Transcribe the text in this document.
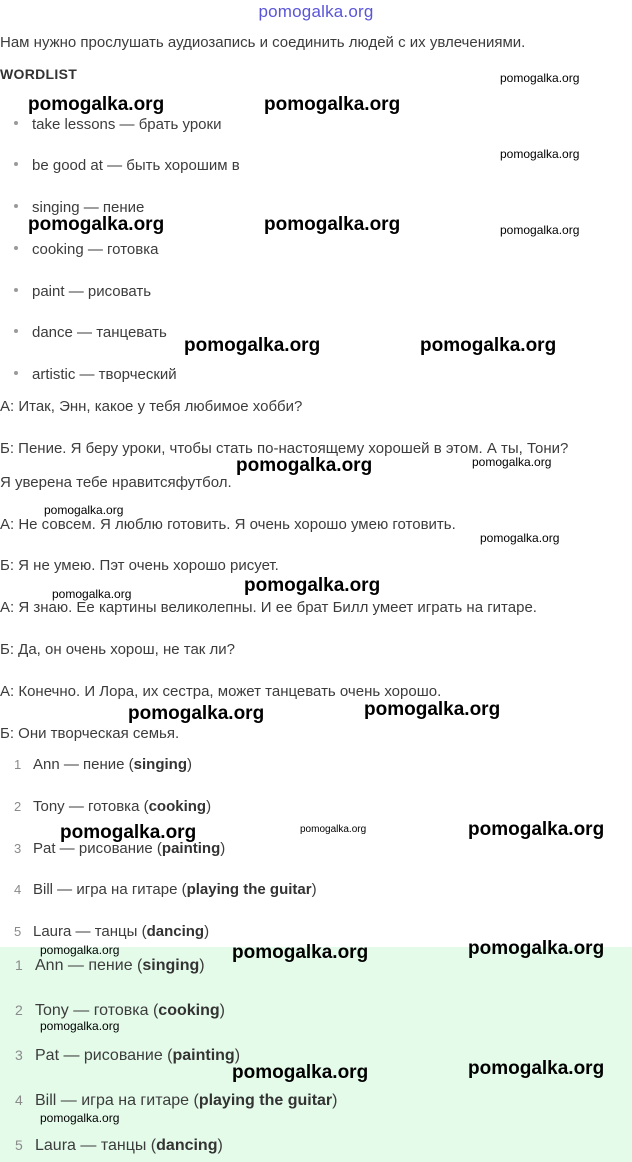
pomogalka.org
Нам нужно прослушать аудиозапись и соединить людей с их увлечениями.
WORDLIST
take lessons — брать уроки
be good at — быть хорошим в
singing — пение
cooking — готовка
paint — рисовать
dance — танцевать
artistic — творческий
А: Итак, Энн, какое у тебя любимое хобби?
Б: Пение. Я беру уроки, чтобы стать по-настоящему хорошей в этом. А ты, Тони?
Я уверена тебе нравитсяфутбол.
А: Не совсем. Я люблю готовить. Я очень хорошо умею готовить.
Б: Я не умею. Пэт очень хорошо рисует.
А: Я знаю. Ее картины великолепны. И ее брат Билл умеет играть на гитаре.
Б: Да, он очень хорош, не так ли?
А: Конечно. И Лора, их сестра, может танцевать очень хорошо.
Б: Они творческая семья.
1 Ann — пение (singing)
2 Tony — готовка (cooking)
3 Pat — рисование (painting)
4 Bill — игра на гитаре (playing the guitar)
5 Laura — танцы (dancing)
1 Ann — пение (singing)
2 Tony — готовка (cooking)
3 Pat — рисование (painting)
4 Bill — игра на гитаре (playing the guitar)
5 Laura — танцы (dancing)
pomogalka.org
pomogalka.org	pomogalka.org
pomogalka.org
pomogalka.org	pomogalka.org	pomogalka.org
pomogalka.org	pomogalka.org
pomogalka.org	pomogalka.org
pomogalka.org
pomogalka.org
pomogalka.org
pomogalka.org
pomogalka.org	pomogalka.org
pomogalka.org	pomogalka.org	pomogalka.org
pomogalka.org	pomogalka.org	pomogalka.org
pomogalka.org
pomogalka.org	pomogalka.org
pomogalka.org
